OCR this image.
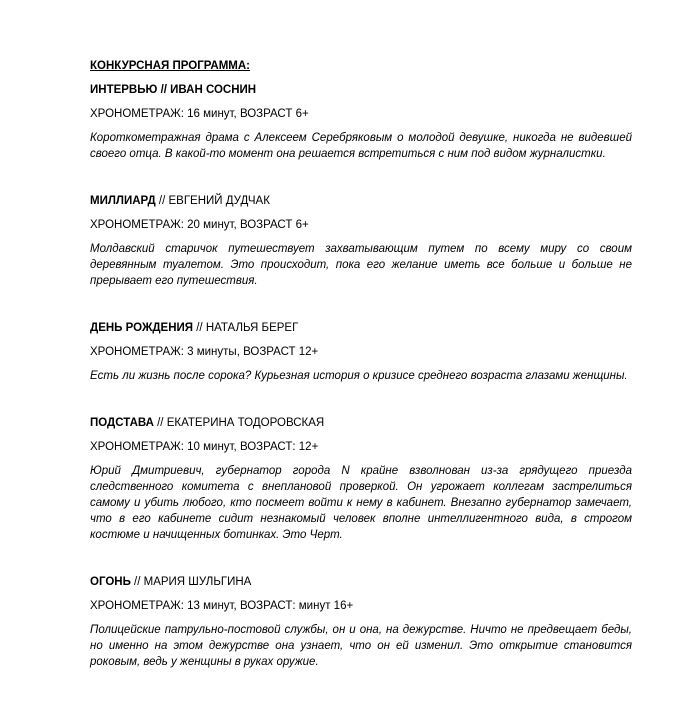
КОНКУРСНАЯ ПРОГРАММА:
ИНТЕРВЬЮ // ИВАН СОСНИН
ХРОНОМЕТРАЖ: 16 минут, ВОЗРАСТ 6+
Короткометражная драма с Алексеем Серебряковым о молодой девушке, никогда не видевшей своего отца. В какой-то момент она решается встретиться с ним под видом журналистки.
МИЛЛИАРД // ЕВГЕНИЙ ДУДЧАК
ХРОНОМЕТРАЖ: 20 минут, ВОЗРАСТ 6+
Молдавский старичок путешествует захватывающим путем по всему миру со своим деревянным туалетом. Это происходит, пока его желание иметь все больше и больше не прерывает его путешествия.
ДЕНЬ РОЖДЕНИЯ // НАТАЛЬЯ БЕРЕГ
ХРОНОМЕТРАЖ: 3 минуты, ВОЗРАСТ 12+
Есть ли жизнь после сорока? Курьезная история о кризисе среднего возраста глазами женщины.
ПОДСТАВА // ЕКАТЕРИНА ТОДОРОВСКАЯ
ХРОНОМЕТРАЖ: 10 минут, ВОЗРАСТ: 12+
Юрий Дмитриевич, губернатор города N крайне взволнован из-за грядущего приезда следственного комитета с внеплановой проверкой. Он угрожает коллегам застрелиться самому и убить любого, кто посмеет войти к нему в кабинет. Внезапно губернатор замечает, что в его кабинете сидит незнакомый человек вполне интеллигентного вида, в строгом костюме и начищенных ботинках. Это Черт.
ОГОНЬ // МАРИЯ ШУЛЬГИНА
ХРОНОМЕТРАЖ: 13 минут, ВОЗРАСТ: минут 16+
Полицейские патрульно-постовой службы, он и она, на дежурстве. Ничто не предвещает беды, но именно на этом дежурстве она узнает, что он ей изменил. Это открытие становится роковым, ведь у женщины в руках оружие.
